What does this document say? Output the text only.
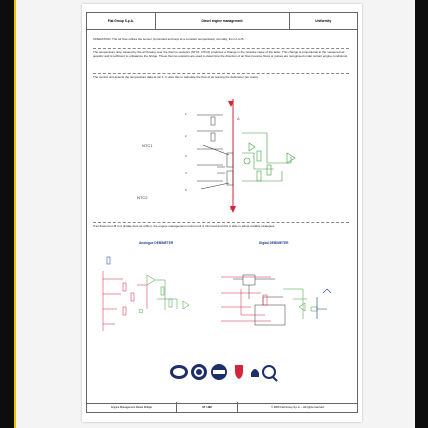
Fiat Group S.p.A.	Diesel engine management	Uniformity
OPERATION: The air flow strikes the sensor (controlled and kept at a constant temperature) normally, from A to B.
The temperature drop caused by the air flowing over the thermo-resistors (NTC1, NTC2) produces a change in the resistive value of the latter. This change is proportional to the measured air quantity and is sufficient to unbalance the bridge. These thermo-resistors are used to determine the direction of air flow (reverse flows or pulses are recognised under certain engine conditions).
The control unit detects the temperature data at pin 1. It uses this to calculate the flow of air leaving the debimeter (air mass).
NTC1
NTC2
A
B
1
2
3
4
5
If air flows from B to A (intake duct air reflux), the engine management control unit is informed and this is able to adopt suitable strategies.
Analogue DEBIMETER	Digital DEBIMETER
Engine Management Diesel Multijet	97 / 392	© 2006 Fiat Group S.p.A. – All rights reserved
